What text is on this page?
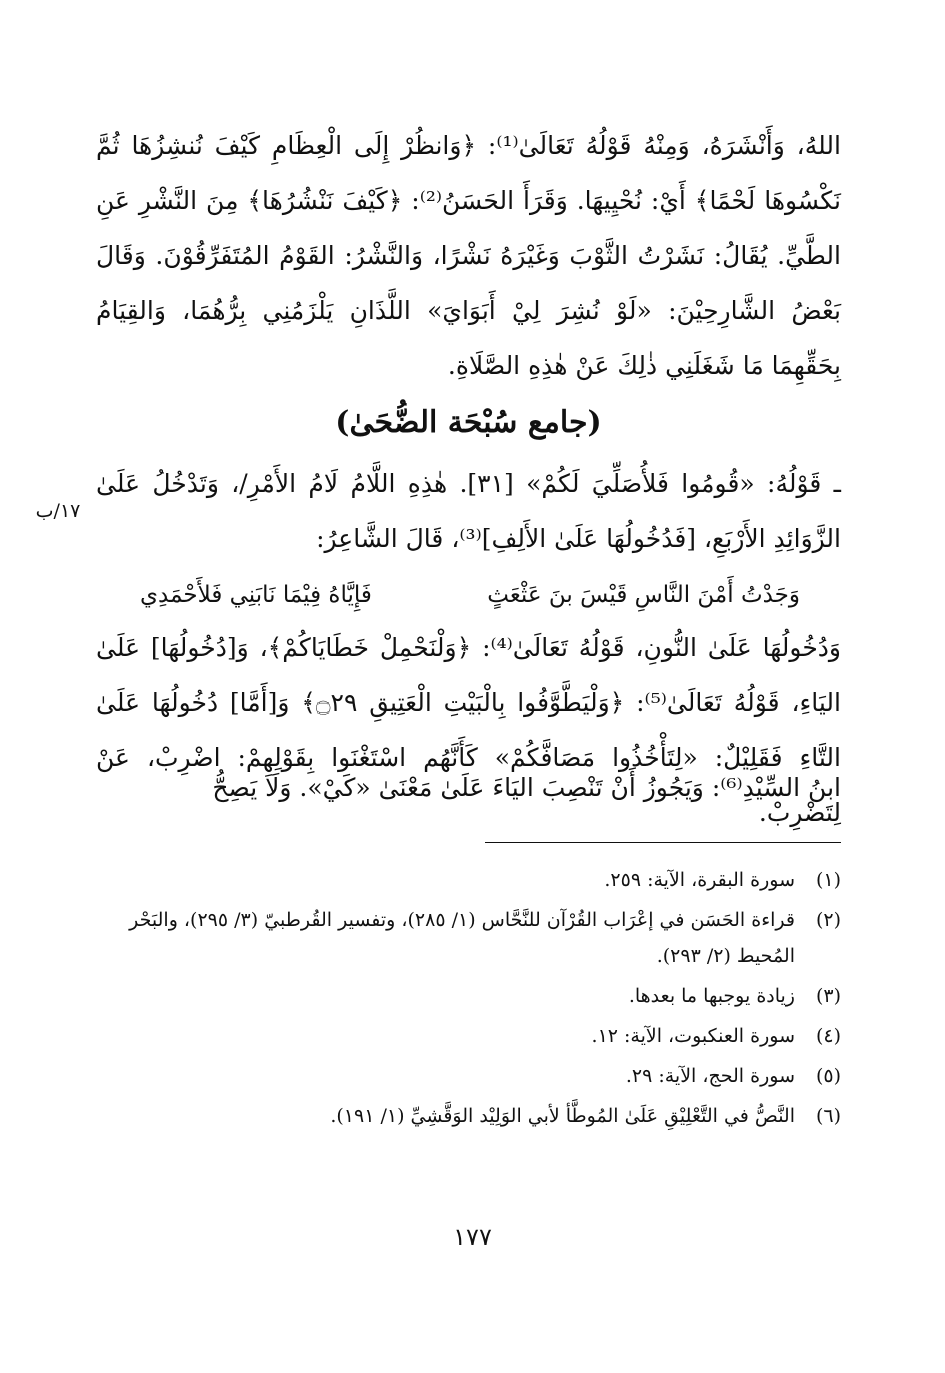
اللهُ، وَأَنْشَرَهُ، وَمِنْهُ قَوْلُهُ تَعَالَىٰ⁽¹⁾: ﴿وَانظُرْ إِلَى الْعِظَامِ كَيْفَ نُنشِزُهَا ثُمَّ نَكْسُوهَا لَحْمًا﴾ أَيْ: نُحْيِيهَا. وَقَرَأَ الحَسَنُ⁽²⁾: ﴿كَيْفَ نَنْشُرُهَا﴾ مِنَ النَّشْرِ عَنِ الطَّيِّ. يُقَالُ: نَشَرْتُ الثَّوْبَ وَغَيْرَهُ نَشْرًا، وَالنَّشْرُ: القَوْمُ المُتَفَرِّقُوْنَ. وَقَالَ بَعْضُ الشَّارِحِيْنَ: «لَوْ نُشِرَ لِيْ أَبَوَايَ» اللَّذَانِ يَلْزَمُنِي بِرُّهُمَا، وَالقِيَامُ بِحَقِّهِمَا مَا شَغَلَنِي ذٰلِكَ عَنْ هٰذِهِ الصَّلَاةِ.

(جامع سُبْحَة الضُّحَىٰ)
١٧/ب

ـ قَوْلُهُ: «قُومُوا فَلأُصَلِّيَ لَكُمْ» [٣١]. هٰذِهِ اللَّامُ لَامُ الأَمْرِ/، وَتَدْخُلُ عَلَىٰ الزَّوَائِدِ الأَرْبَعِ، [فَدُخُولُهَا عَلَىٰ الأَلِفِ]⁽³⁾، قَالَ الشَّاعِرُ:

وَجَدْتُ أَمْنَ النَّاسِ قَيْسَ بنَ عَثْعَثٍ
فَإِيَّاهُ فِيْمَا نَابَنِي فَلأَحْمَدِي

وَدُخُولُهَا عَلَىٰ النُّونِ، قَوْلُهُ تَعَالَىٰ⁽⁴⁾: ﴿وَلْنَحْمِلْ خَطَايَاكُمْ﴾، وَ[دُخُولُهَا] عَلَىٰ اليَاءِ، قَوْلُهُ تَعَالَىٰ⁽⁵⁾: ﴿وَلْيَطَّوَّفُوا بِالْبَيْتِ الْعَتِيقِ ۝٢٩﴾ وَ[أَمَّا] دُخُولُهَا عَلَىٰ التَّاءِ فَقَلِيْلٌ: «لِتَأْخُذُوا مَصَافَّكُمْ» كَأَنَّهُم اسْتَغْنَوا بِقَوْلِهِمْ: اضْرِبْ، عَنْ لِتَضْرِبْ.

ابنُ السِّيْدِ⁽⁶⁾: وَيَجُوزُ أَنْ تَنْصِبَ اليَاءَ عَلَىٰ مَعْنَىٰ «كَيْ». وَلَا يَصِحُّ

(١)
سورة البقرة، الآية: ٢٥٩.
(٢)
قراءة الحَسَن في إعْرَاب القُرْآن للنَّحَّاس (١/ ٢٨٥)، وتفسير القُرطبيّ (٣/ ٢٩٥)، والبَحْر المُحيط (٢/ ٢٩٣).
(٣)
زيادة يوجبها ما بعدها.
(٤)
سورة العنكبوت، الآية: ١٢.
(٥)
سورة الحج، الآية: ٢٩.
(٦)
النَّصُّ في التَّعْلِيْقِ عَلَىٰ المُوطَّأ لأبي الوَلِيْد الوَقَّشِيِّ (١/ ١٩١).
١٧٧
